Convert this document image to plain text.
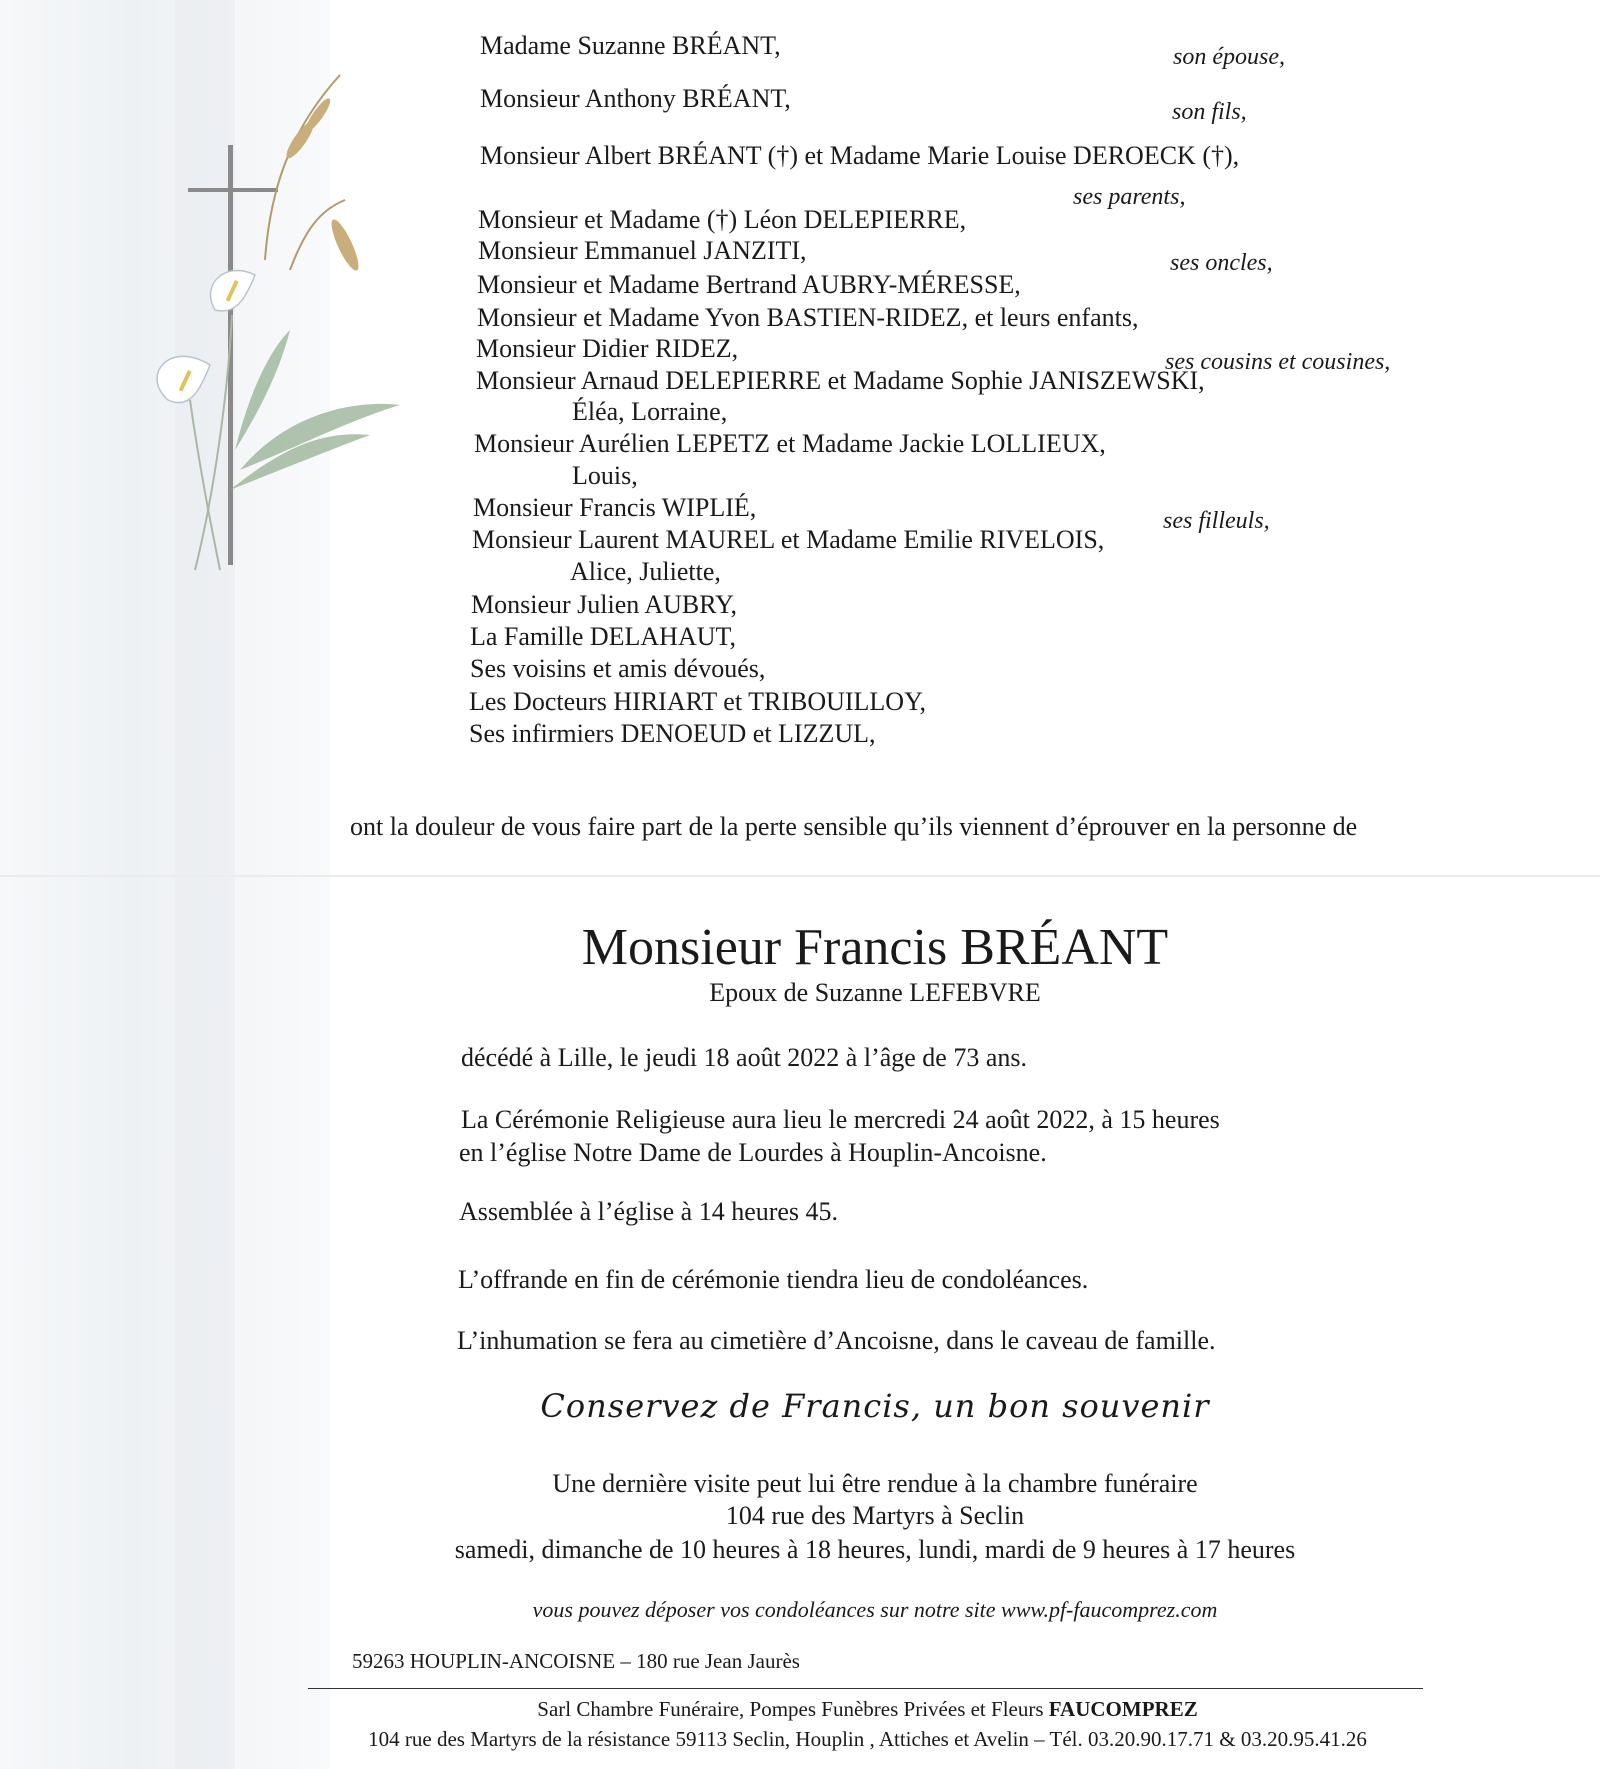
Madame Suzanne BRÉANT,
Monsieur Anthony BRÉANT,
Monsieur Albert BRÉANT (†) et Madame Marie Louise DEROECK (†),
Monsieur et Madame (†) Léon DELEPIERRE,
Monsieur Emmanuel JANZITI,
Monsieur et Madame Bertrand AUBRY-MÉRESSE,
Monsieur et Madame Yvon BASTIEN-RIDEZ, et leurs enfants,
Monsieur Didier RIDEZ,
Monsieur Arnaud DELEPIERRE et Madame Sophie JANISZEWSKI,
Éléa, Lorraine,
Monsieur Aurélien LEPETZ et Madame Jackie LOLLIEUX,
Louis,
Monsieur Francis WIPLIÉ,
Monsieur Laurent MAUREL et Madame Emilie RIVELOIS,
Alice, Juliette,
Monsieur Julien AUBRY,
La Famille DELAHAUT,
Ses voisins et amis dévoués,
Les Docteurs HIRIART et TRIBOUILLOY,
Ses infirmiers DENOEUD et LIZZUL,
son épouse,
son fils,
ses parents,
ses oncles,
ses cousins et cousines,
ses filleuls,
ont la douleur de vous faire part de la perte sensible qu’ils viennent d’éprouver en la personne de
Monsieur Francis BRÉANT
Epoux de Suzanne LEFEBVRE
décédé à Lille, le jeudi 18 août 2022 à l’âge de 73 ans.
La Cérémonie Religieuse aura lieu le mercredi 24 août 2022, à 15 heures
en l’église Notre Dame de Lourdes à Houplin-Ancoisne.
Assemblée à l’église à 14 heures 45.
L’offrande en fin de cérémonie tiendra lieu de condoléances.
L’inhumation se fera au cimetière d’Ancoisne, dans le caveau de famille.
Conservez de Francis, un bon souvenir
Une dernière visite peut lui être rendue à la chambre funéraire
104 rue des Martyrs à Seclin
samedi, dimanche de 10 heures à 18 heures, lundi, mardi de 9 heures à 17 heures
vous pouvez déposer vos condoléances sur notre site www.pf-faucomprez.com
59263 HOUPLIN-ANCOISNE – 180 rue Jean Jaurès
Sarl Chambre Funéraire, Pompes Funèbres Privées et Fleurs FAUCOMPREZ
104 rue des Martyrs de la résistance 59113 Seclin, Houplin , Attiches et Avelin – Tél. 03.20.90.17.71 & 03.20.95.41.26
